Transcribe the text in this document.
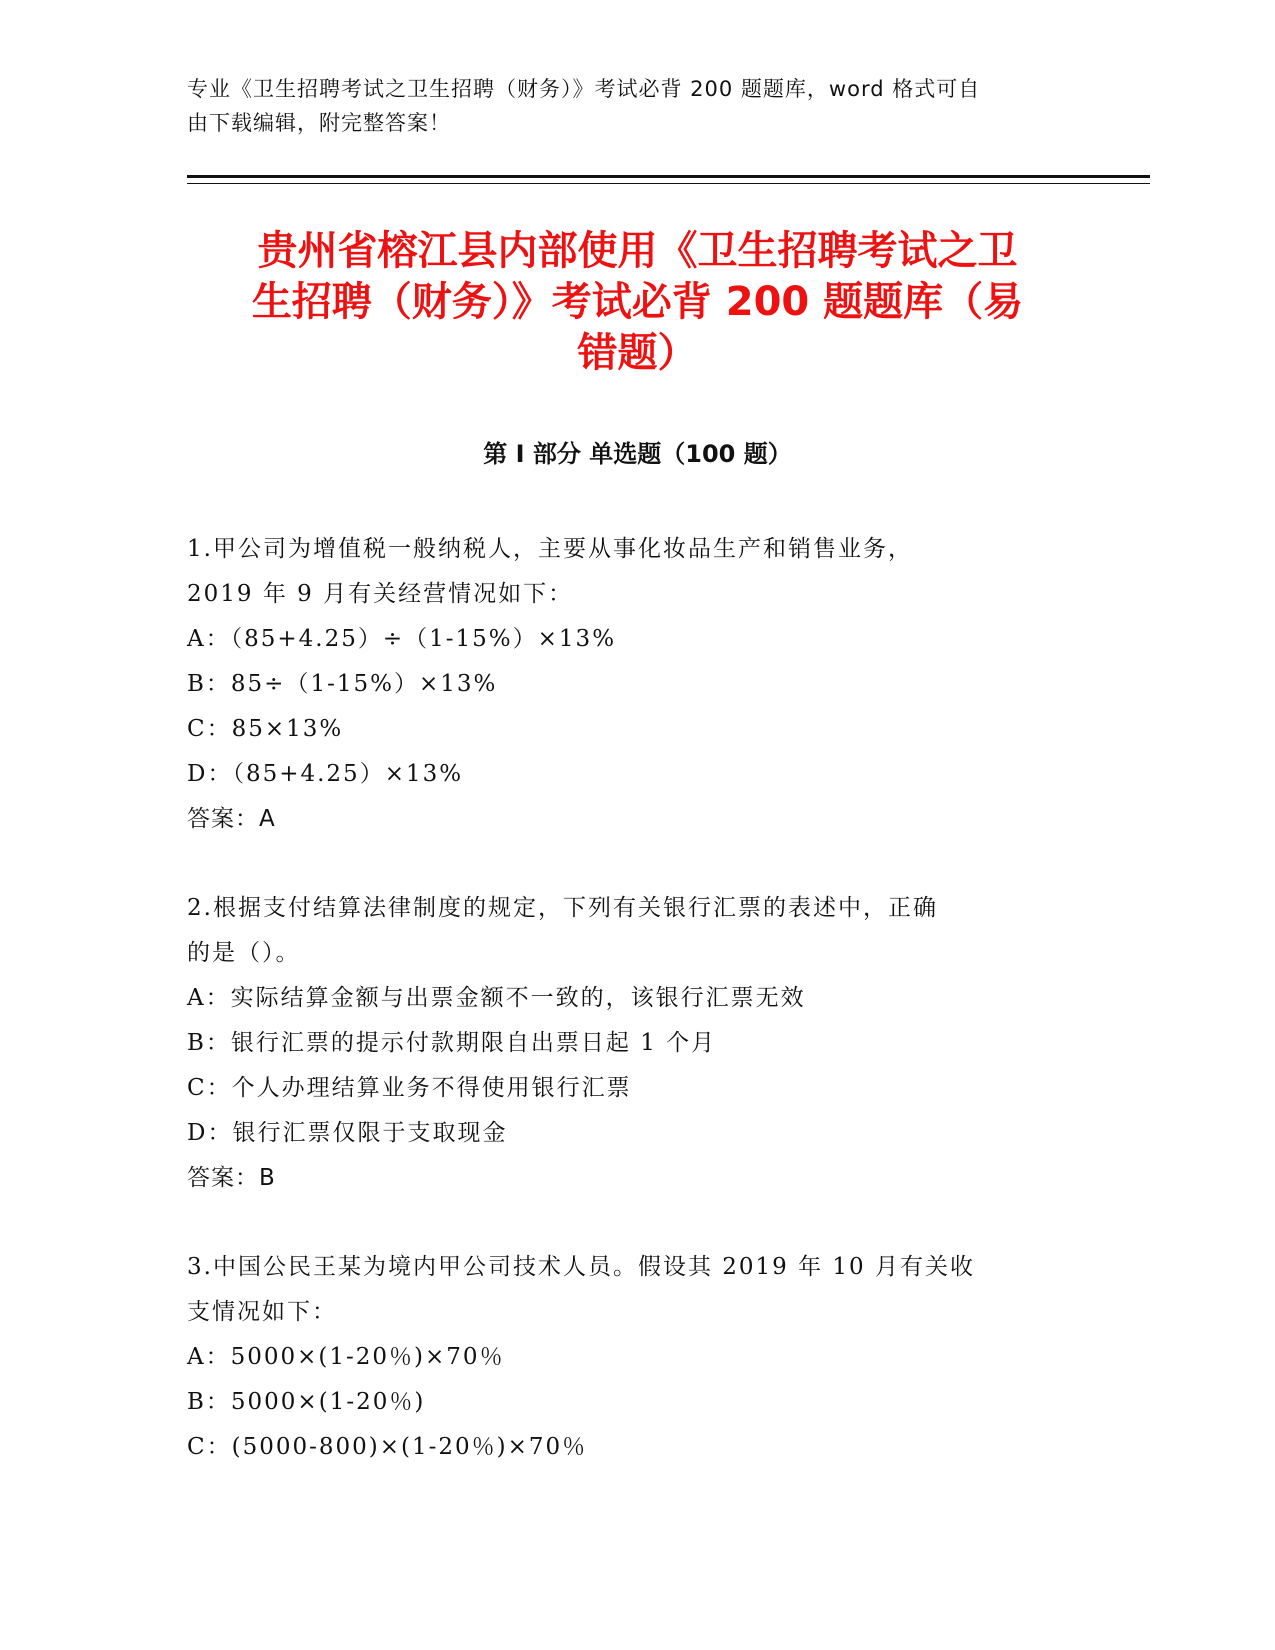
专业《卫生招聘考试之卫生招聘（财务）》考试必背 200 题题库，word 格式可自

由下载编辑，附完整答案！

贵州省榕江县内部使用《卫生招聘考试之卫

生招聘（财务）》考试必背 200 题题库（易

错题）

第 I 部分 单选题（100 题）

1.甲公司为增值税一般纳税人，主要从事化妆品生产和销售业务，

2019 年 9 月有关经营情况如下：

A：（85+4.25）÷（1-15%）×13%

B：85÷（1-15%）×13%

C：85×13%

D：（85+4.25）×13%

答案：A

2.根据支付结算法律制度的规定，下列有关银行汇票的表述中，正确

的是（）。

A：实际结算金额与出票金额不一致的，该银行汇票无效

B：银行汇票的提示付款期限自出票日起 1 个月

C：个人办理结算业务不得使用银行汇票

D：银行汇票仅限于支取现金

答案：B

3.中国公民王某为境内甲公司技术人员。假设其 2019 年 10 月有关收

支情况如下：

A：5000×(1-20％)×70％

B：5000×(1-20％)

C：(5000-800)×(1-20％)×70％
